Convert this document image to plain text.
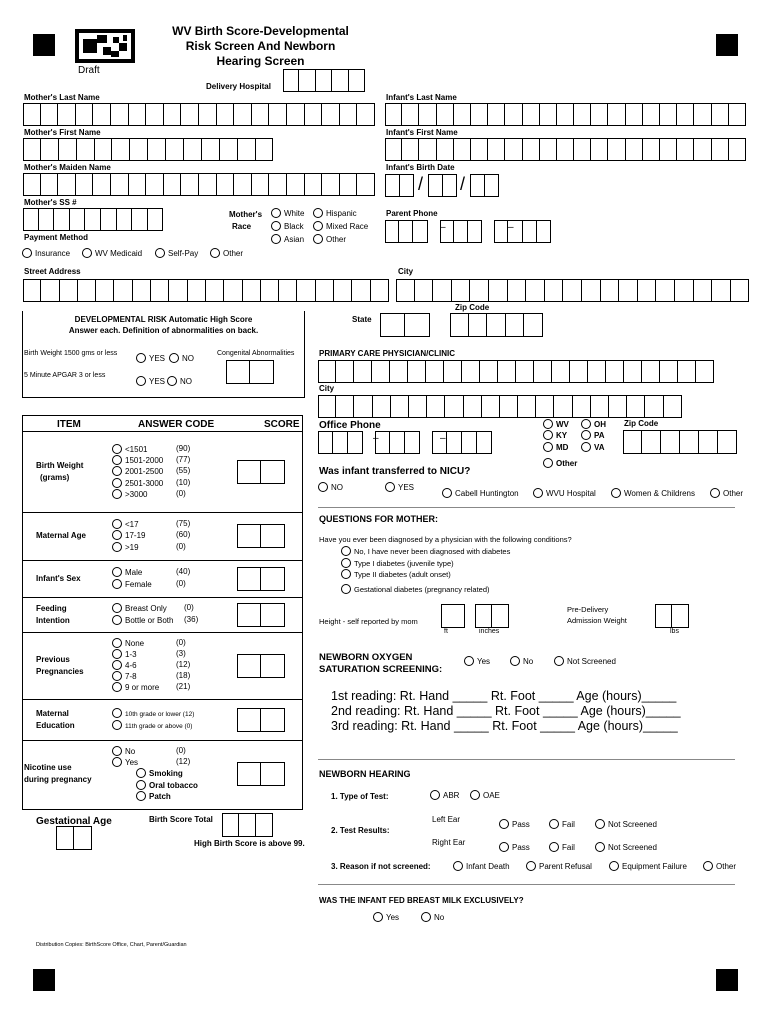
Draft
WV Birth Score-Developmental
Risk Screen And Newborn
Hearing Screen
Delivery Hospital
Mother's Last Name	Infant's Last Name
Mother's First Name	Infant's First Name
Mother's Maiden Name	Infant's Birth Date
/ /
Mother's SS #
Mother's
Race
White	Hispanic
Black	Mixed Race
Asian	Other
Parent Phone
–	–
Payment Method
Insurance	WV Medicaid	Self-Pay	Other
Street Address	City
Zip Code
State
DEVELOPMENTAL RISK Automatic High Score
Answer each. Definition of abnormalities on back.
Birth Weight 1500 gms or less
YES	NO
Congenital Abnormalities
5 Minute APGAR 3 or less
YES	NO
PRIMARY CARE PHYSICIAN/CLINIC
City
Office Phone
–	–
WV	OH
KY	PA
MD	VA
Other
Zip Code
Was infant transferred to NICU?
NO	YES
Cabell Huntington	WVU Hospital	Women & Childrens	Other
ITEM	ANSWER CODE	SCORE
Birth Weight
(grams)
<1501	(90)
1501-2000 (77)
2001-2500 (55)
2501-3000 (10)
>3000	(0)
Maternal Age
<17	(75)
17-19	(60)
>19	(0)
Infant's Sex
Male	(40)
Female	(0)
Feeding
Intention
Breast Only (0)
Bottle or Both (36)
Previous
Pregnancies
None	(0)
1-3	(3)
4-6	(12)
7-8	(18)
9 or more (21)
Maternal
Education
10th grade or lower (12)
11th grade or above (0)
Nicotine use
during pregnancy
No	(0)
Yes	(12)
Smoking
Oral tobacco
Patch
Gestational Age	Birth Score Total
High Birth Score is above 99.
QUESTIONS FOR MOTHER:
Have you ever been diagnosed by a physician with the following conditions?
No, I have never been diagnosed with diabetes
Type I diabetes (juvenile type)
Type II diabetes (adult onset)
Gestational diabetes (pregnancy related)
Height - self reported by mom
ft	inches
Pre-Delivery
Admission Weight
lbs
NEWBORN OXYGEN
SATURATION SCREENING:
Yes	No	Not Screened
1st reading: Rt. Hand _____ Rt. Foot _____ Age (hours)_____
2nd reading: Rt. Hand _____ Rt. Foot _____ Age (hours)_____
3rd reading: Rt. Hand _____ Rt. Foot _____ Age (hours)_____
NEWBORN HEARING
1. Type of Test:	ABR	OAE
2. Test Results:
Left Ear
Pass	Fail	Not Screened
Right Ear
Pass	Fail	Not Screened
3. Reason if not screened:	Infant Death	Parent Refusal	Equipment Failure	Other
WAS THE INFANT FED BREAST MILK EXCLUSIVELY?
Yes	No
Distribution Copies: BirthScore Office, Chart, Parent/Guardian
